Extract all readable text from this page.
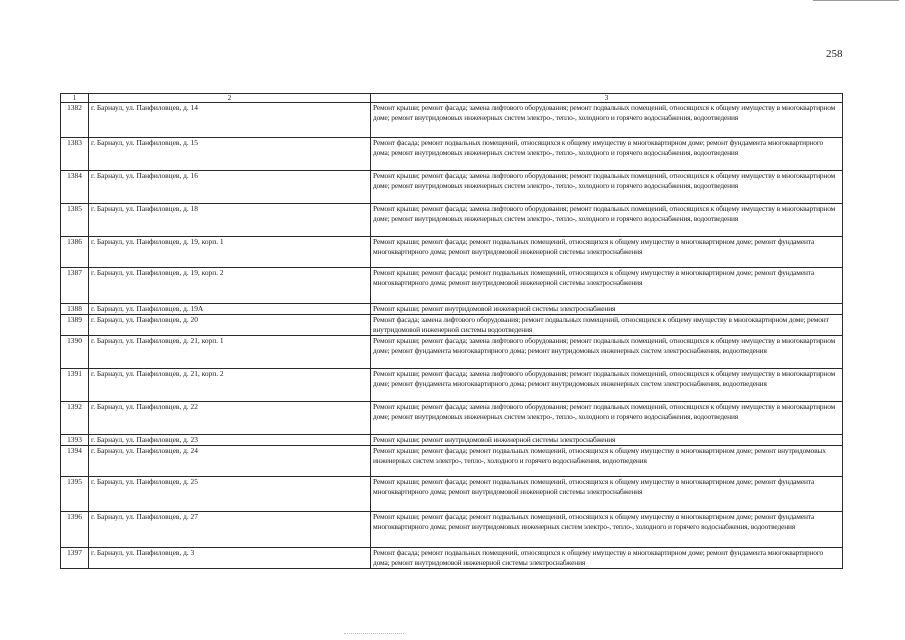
258
1	2	3
1382	г. Барнаул, ул. Панфиловцев, д. 14	Ремонт крыши; ремонт фасада; замена лифтового оборудования; ремонт подвальных помещений, относящихся к общему имуществу в многоквартирном доме; ремонт внутридомовых инженерных систем электро-, тепло-, холодного и горячего водоснабжения, водоотведения
1383	г. Барнаул, ул. Панфиловцев, д. 15	Ремонт фасада; ремонт подвальных помещений, относящихся к общему имуществу в многоквартирном доме; ремонт фундамента многоквартирного дома; ремонт внутридомовых инженерных систем электро-, тепло-, холодного и горячего водоснабжения, водоотведения
1384	г. Барнаул, ул. Панфиловцев, д. 16	Ремонт крыши; ремонт фасада; замена лифтового оборудования; ремонт подвальных помещений, относящихся к общему имуществу в многоквартирном доме; ремонт внутридомовых инженерных систем электро-, тепло-, холодного и горячего водоснабжения, водоотведения
1385	г. Барнаул, ул. Панфиловцев, д. 18	Ремонт крыши; ремонт фасада; замена лифтового оборудования; ремонт подвальных помещений, относящихся к общему имуществу в многоквартирном доме; ремонт внутридомовых инженерных систем электро-, тепло-, холодного и горячего водоснабжения, водоотведения
1386	г. Барнаул, ул. Панфиловцев, д. 19, корп. 1	Ремонт крыши; ремонт фасада; ремонт подвальных помещений, относящихся к общему имуществу в многоквартирном доме; ремонт фундамента многоквартирного дома; ремонт внутридомовой инженерной системы электроснабжения
1387	г. Барнаул, ул. Панфиловцев, д. 19, корп. 2	Ремонт крыши; ремонт фасада; ремонт подвальных помещений, относящихся к общему имуществу в многоквартирном доме; ремонт фундамента многоквартирного дома; ремонт внутридомовой инженерной системы электроснабжения
1388	г. Барнаул, ул. Панфиловцев, д. 19А	Ремонт крыши; ремонт внутридомовой инженерной системы электроснабжения
1389	г. Барнаул, ул. Панфиловцев, д. 20	Ремонт фасада; замена лифтового оборудования; ремонт подвальных помещений, относящихся к общему имуществу в многоквартирном доме; ремонт внутридомовой инженерной системы водоотведения
1390	г. Барнаул, ул. Панфиловцев, д. 21, корп. 1	Ремонт крыши; ремонт фасада; замена лифтового оборудования; ремонт подвальных помещений, относящихся к общему имуществу в многоквартирном доме; ремонт фундамента многоквартирного дома; ремонт внутридомовых инженерных систем электроснабжения, водоотведения
1391	г. Барнаул, ул. Панфиловцев, д. 21, корп. 2	Ремонт крыши; ремонт фасада; замена лифтового оборудования; ремонт подвальных помещений, относящихся к общему имуществу в многоквартирном доме; ремонт фундамента многоквартирного дома; ремонт внутридомовых инженерных систем электроснабжения, водоотведения
1392	г. Барнаул, ул. Панфиловцев, д. 22	Ремонт крыши; ремонт фасада; замена лифтового оборудования; ремонт подвальных помещений, относящихся к общему имуществу в многоквартирном доме; ремонт внутридомовых инженерных систем электро-, тепло-, холодного и горячего водоснабжения, водоотведения
1393	г. Барнаул, ул. Панфиловцев, д. 23	Ремонт крыши; ремонт внутридомовой инженерной системы электроснабжения
1394	г. Барнаул, ул. Панфиловцев, д. 24	Ремонт крыши; ремонт фасада; ремонт подвальных помещений, относящихся к общему имуществу в многоквартирном доме; ремонт внутридомовых инженерных систем электро-, тепло-, холодного и горячего водоснабжения, водоотведения
1395	г. Барнаул, ул. Панфиловцев, д. 25	Ремонт крыши; ремонт фасада; ремонт подвальных помещений, относящихся к общему имуществу в многоквартирном доме; ремонт фундамента многоквартирного дома; ремонт внутридомовой инженерной системы электроснабжения
1396	г. Барнаул, ул. Панфиловцев, д. 27	Ремонт крыши; ремонт фасада; ремонт подвальных помещений, относящихся к общему имуществу в многоквартирном доме; ремонт фундамента многоквартирного дома; ремонт внутридомовых инженерных систем электро-, тепло-, холодного и горячего водоснабжения, водоотведения
1397	г. Барнаул, ул. Панфиловцев, д. 3	Ремонт фасада; ремонт подвальных помещений, относящихся к общему имуществу в многоквартирном доме; ремонт фундамента многоквартирного дома; ремонт внутридомовой инженерной системы электроснабжения
